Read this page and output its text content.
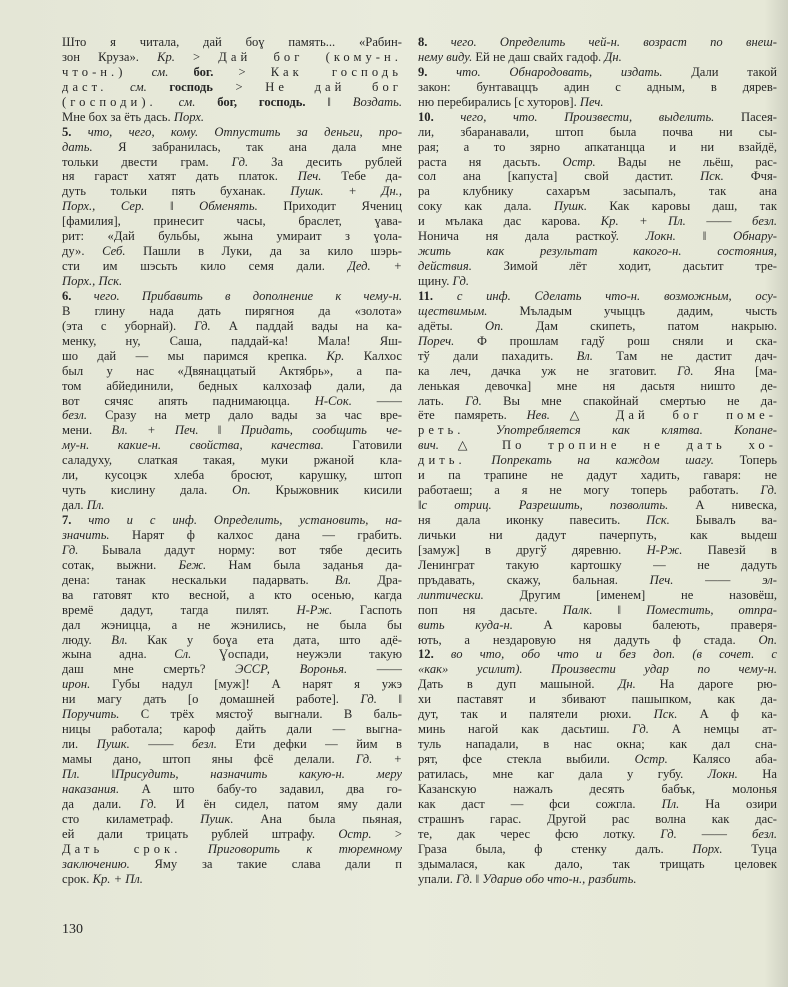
Што я читала, дай боɣ память... «Рабин-
зон Круза». Кр. > Дай бог (кому-н.
что-н.) см. бог. > Как господь
даст. см. господь > Не дай бог
(господи). см. бог, господь. ‖ Воздать.
Мне бох за ёть дась. Порх.
5. что, чего, кому. Отпустить за деньги, про-
дать. Я забранилась, так ана дала мне
тольки двести грам. Гд. За десить рублей
ня гараст хатят дать платок. Печ. Тебе да-
дуть тольки пять буханак. Пушк. + Дн.,
Порх., Сер. ‖ Обменять. Приходит Ячениц
[фамилия], принесит часы, браслет, ɣава-
рит: «Дай бульбы, жына умираит з ɣола-
ду». Себ. Пашли в Луки, да за кило шэрь-
сти им шэсьть кило семя дали. Дед. +
Порх., Пск.
6. чего. Прибавить в дополнение к чему-н.
В глину нада дать пирягноя да «золота»
(эта с уборнай). Гд. А паддай вады на ка-
менку, ну, Саша, паддай-ка! Мала! Яш-
шо дай — мы паримся крепка. Кр. Калхос
был у нас «Двянаццатый Актябрь», а па-
том абйединили, бедных калхозаф дали, да
вот сячяс апять паднимаюцца. Н-Сок. ——
безл. Сразу на метр дало вады за час вре-
мени. Вл. + Печ. ‖ Придать, сообщить че-
му-н. какие-н. свойства, качества. Гатовили
саладуху, слаткая такая, муки ржаной кла-
ли, кусоцэк хлеба бросют, карушку, штоп
чуть кислину дала. Оп. Крыжовник кисили
дал. Пл.
7. что и с инф. Определить, установить, на-
значить. Нарят ф калхос дана — грабить.
Гд. Бывала дадут норму: вот тябе десить
сотак, выжни. Беж. Нам была заданья да-
дена: танак нескальки падарвать. Вл. Дра-
ва гатовят кто весной, а кто осенью, кагда
времё дадут, тагда пилят. Н-Рж. Гаспоть
дал жэницца, а не жэнились, не была бы
люду. Вл. Как у боɣа ета дата, што адё-
жына адна. Сл. Ɣоспади, неужэли такую
даш мне смерть? ЭССР, Воронья. ——
ирон. Губы надул [муж]! А нарят я ужэ
ни магу дать [о домашней работе]. Гд. ‖
Поручить. С трёх мястоў выгнали. В баль-
ницы работала; кароф дайть дали — выгна-
ли. Пушк. —— безл. Ети дефки — йим в
мамы дано, штоп яны фсё делали. Гд. +
Пл. ‖Присудить, назначить какую-н. меру
наказания. А што бабу-то задавил, два го-
да дали. Гд. И ён сидел, патом яму дали
сто киламетраф. Пушк. Ана была пьяная,
ей дали трицать рублей штрафу. Остр. >
Дать срок. Приговорить к тюремному
заключению. Яму за такие слава дали п
срок. Кр. + Пл.
8. чего. Определить чей-н. возраст по внеш-
нему виду. Ей не даш свайх гадоф. Дн.
9. что. Обнародовать, издать. Дали такой
закон: бунтаваццъ адин с адным, в дярев-
ню перебирались [с хуторов]. Печ.
10. чего, что. Произвести, выделить. Пасея-
ли, збаранавали, штоп была почва ни сы-
рая; а то зярно апкатанцца и ни взайдё,
раста ня дасьть. Остр. Вады не льёш, рас-
сол ана [капуста] свой дастит. Пск. Фчя-
ра клубнику сахаръм засыпалъ, так ана
соку как дала. Пушк. Как каровы даш, так
и мълака дас карова. Кр. + Пл. —— безл.
Нонича ня дала расткоў. Локн. ‖ Обнару-
жить как результат какого-н. состояния,
действия. Зимой лёт ходит, дасьтит тре-
щину. Гд.
11. с инф. Сделать что-н. возможным, осу-
ществимым. Мъладым учыццъ дадим, чысть
адёты. Оп. Дам скипеть, патом накрыю.
Пореч. Ф прошлам гадў рош сняли и ска-
тў дали пахадить. Вл. Там не дастит дач-
ка леч, дачка уж не згатовит. Гд. Яна [ма-
ленькая девочка] мне ня дасьтя ништо де-
лать. Гд. Вы мне спакойнай смертью не да-
ёте памяреть. Нев. △ Дай бог поме-
реть. Употребляется как клятва. Копане-
вич. △ По тропине не дать хо-
дить. Попрекать на каждом шагу. Топерь
и па трапине не дадут хадить, гаваря: не
работаеш; а я не могу топерь работать. Гд.
‖с отриц. Разрешить, позволить. А нивеска,
ня дала иконку павесить. Пск. Бывалъ ва-
личьки ни дадут пачерпуть, как выдеш
[замуж] в другў дяревню. Н-Рж. Павезй в
Ленинграт такую картошку — не дадуть
пръдавать, скажу, бальная. Печ. —— эл-
липтически. Другим [именем] не назовёш,
поп ня дасьте. Палк. ‖ Поместить, отпра-
вить куда-н. А каровы балеють, праверя-
ють, а нездаровую ня дадуть ф стада. Оп.
12. во что, обо что и без доп. (в сочет. с
«как» усилит). Произвести удар по чему-н.
Дать в дуп машыной. Дн. На дароге рю-
хи паставят и збивают пашыпком, как да-
дут, так и палятели рюхи. Пск. А ф ка-
минь нагой как дасьтиш. Гд. А немцы ат-
туль нападали, в нас окна; как дал сна-
рят, фсе стекла выбили. Остр. Калясо аба-
ратилась, мне каг дала у губу. Локн. На
Казанскую нажалъ десять бабък, молонья
как даст — фси сожгла. Пл. На озири
страшнъ гарас. Другой рас волна как дас-
те, дак черес фсю лотку. Гд. —— безл.
Граза была, ф стенку далъ. Порх. Туца
здымалася, как дало, так трищать целовек
упали. Гд. ‖ Удариө обо что-н., разбить.
130
